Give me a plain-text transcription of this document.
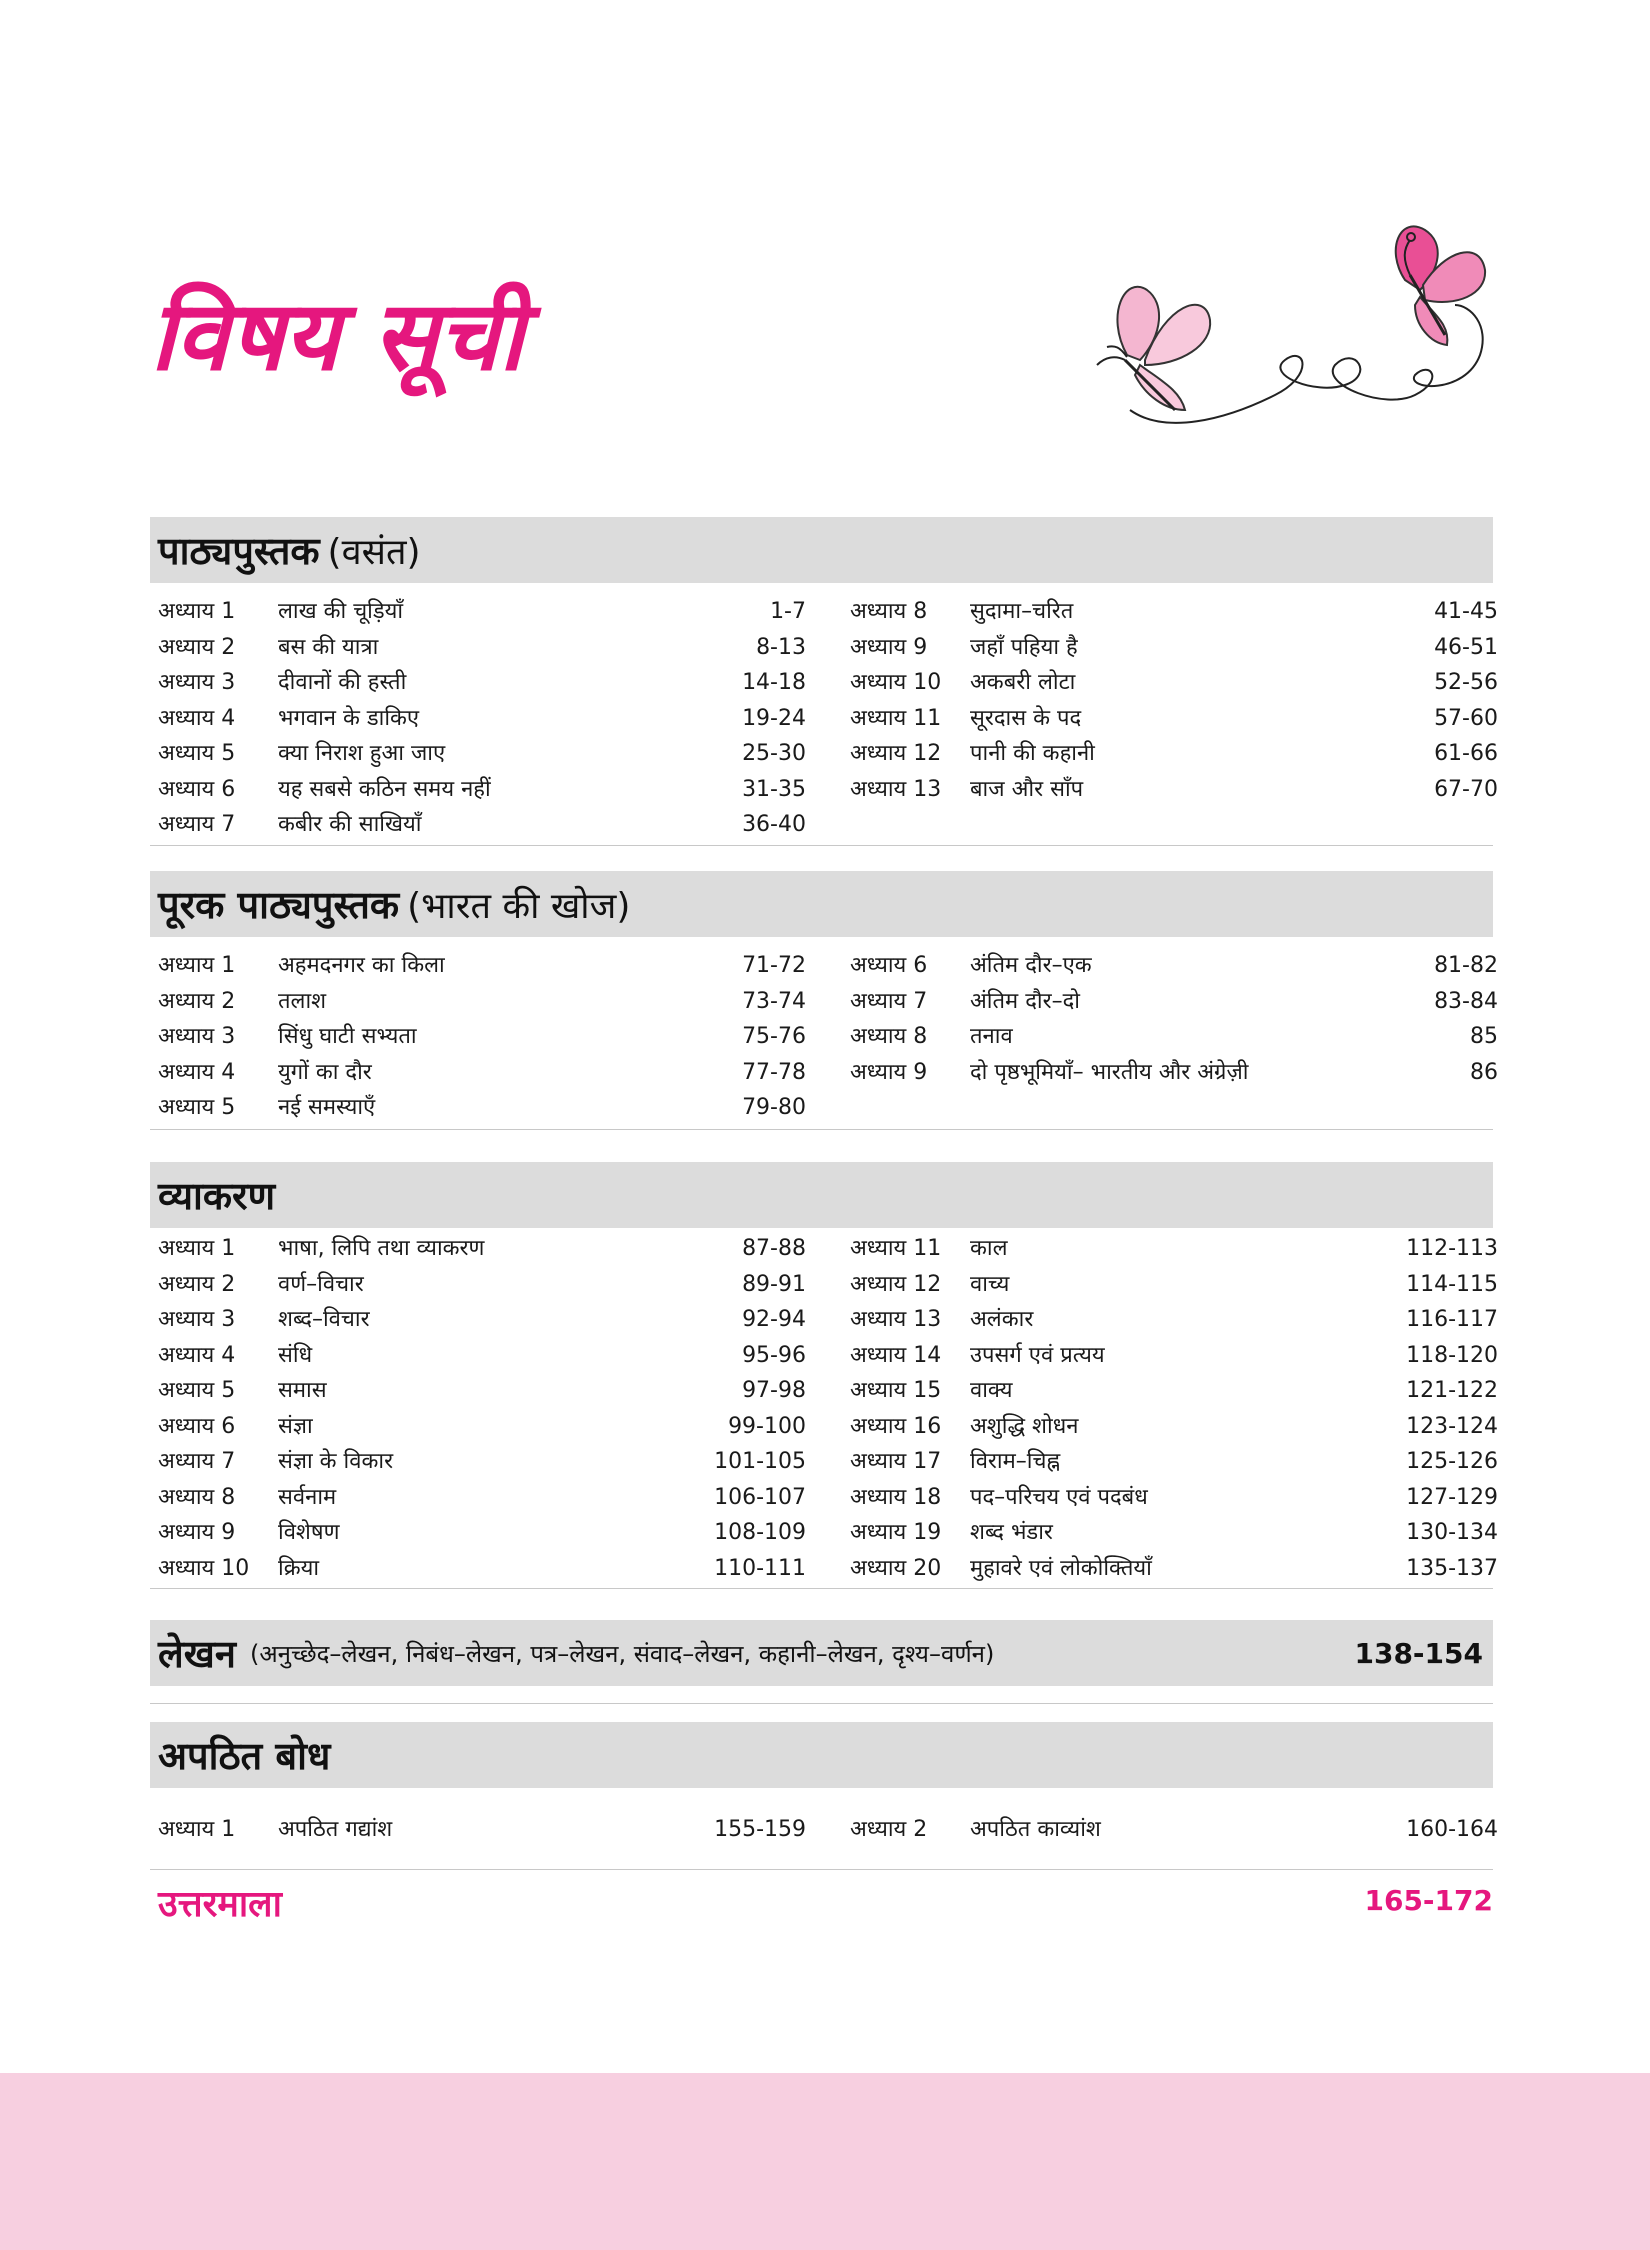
विषय सूची
पाठ्यपुस्तक (वसंत)
अध्याय 1 लाख की चूड़ियाँ	1-7
अध्याय 2 बस की यात्रा	8-13
अध्याय 3 दीवानों की हस्ती	14-18
अध्याय 4 भगवान के डाकिए	19-24
अध्याय 5 क्या निराश हुआ जाए	25-30
अध्याय 6 यह सबसे कठिन समय नहीं	31-35
अध्याय 7 कबीर की साखियाँ	36-40
अध्याय 8 सुदामा–चरित	41-45
अध्याय 9 जहाँ पहिया है	46-51
अध्याय 10 अकबरी लोटा	52-56
अध्याय 11 सूरदास के पद	57-60
अध्याय 12 पानी की कहानी	61-66
अध्याय 13 बाज और साँप	67-70
पूरक पाठ्यपुस्तक (भारत की खोज)
अध्याय 1 अहमदनगर का किला	71-72
अध्याय 2 तलाश	73-74
अध्याय 3 सिंधु घाटी सभ्यता	75-76
अध्याय 4 युगों का दौर	77-78
अध्याय 5 नई समस्याएँ	79-80
अध्याय 6 अंतिम दौर–एक	81-82
अध्याय 7 अंतिम दौर–दो	83-84
अध्याय 8 तनाव	85
अध्याय 9 दो पृष्ठभूमियाँ– भारतीय और अंग्रेज़ी	86
व्याकरण
अध्याय 1 भाषा, लिपि तथा व्याकरण	87-88
अध्याय 2 वर्ण–विचार	89-91
अध्याय 3 शब्द–विचार	92-94
अध्याय 4 संधि	95-96
अध्याय 5 समास	97-98
अध्याय 6 संज्ञा	99-100
अध्याय 7 संज्ञा के विकार	101-105
अध्याय 8 सर्वनाम	106-107
अध्याय 9 विशेषण	108-109
अध्याय 10 क्रिया	110-111
अध्याय 11 काल	112-113
अध्याय 12 वाच्य	114-115
अध्याय 13 अलंकार	116-117
अध्याय 14 उपसर्ग एवं प्रत्यय	118-120
अध्याय 15 वाक्य	121-122
अध्याय 16 अशुद्धि शोधन	123-124
अध्याय 17 विराम–चिह्न	125-126
अध्याय 18 पद–परिचय एवं पदबंध	127-129
अध्याय 19 शब्द भंडार	130-134
अध्याय 20 मुहावरे एवं लोकोक्तियाँ	135-137
लेखन (अनुच्छेद–लेखन, निबंध–लेखन, पत्र–लेखन, संवाद–लेखन, कहानी–लेखन, दृश्य–वर्णन)	138-154
अपठित बोध
अध्याय 1 अपठित गद्यांश	155-159 अध्याय 2 अपठित काव्यांश	160-164
उत्तरमाला	165-172
